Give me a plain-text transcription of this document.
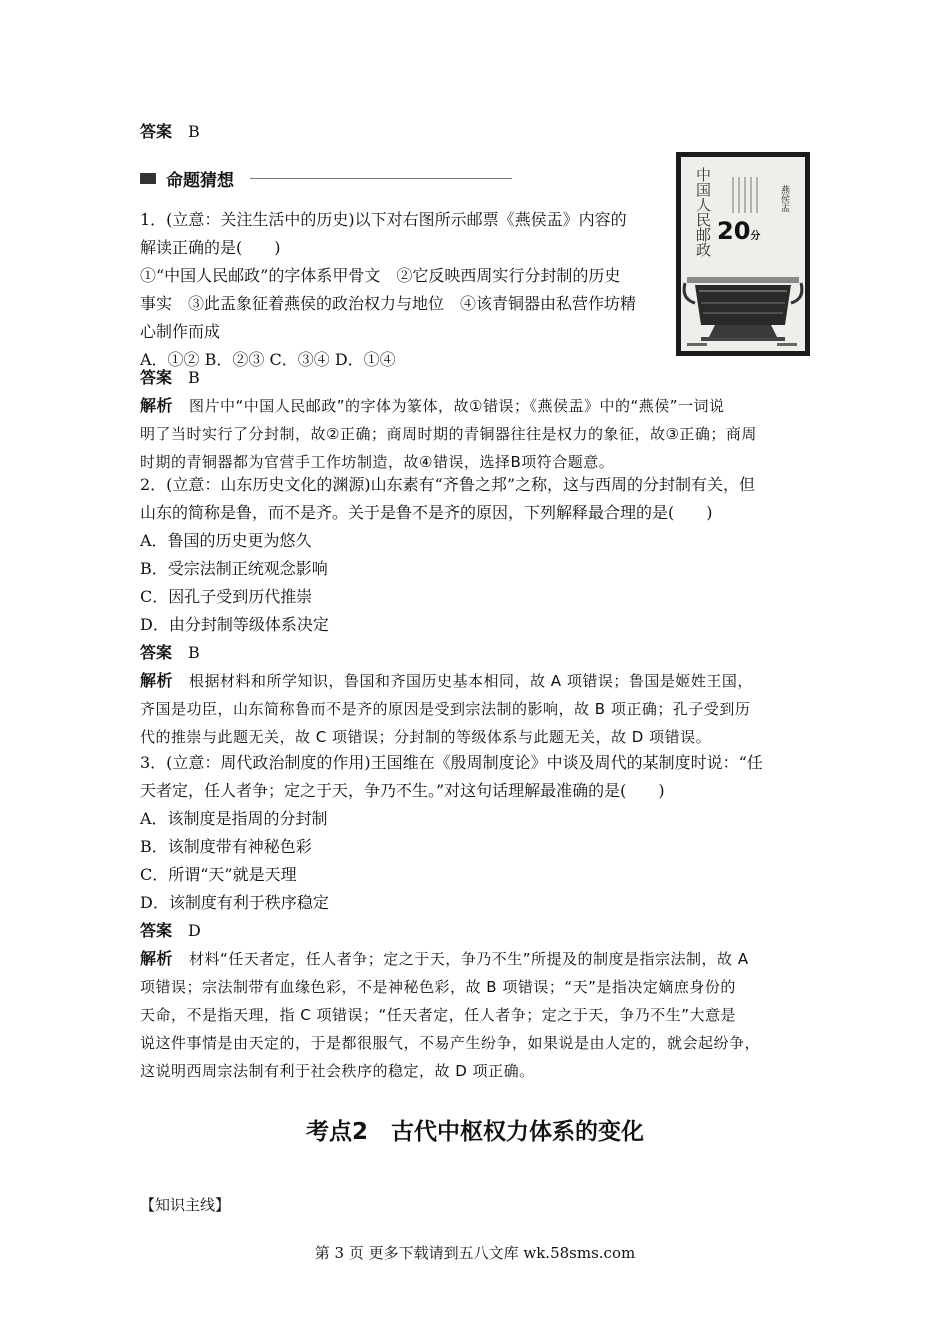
答案 B
命题猜想	中国人民邮政	燕侯盂
20分
1．(立意：关注生活中的历史)以下对右图所示邮票《燕侯盂》内容的
解读正确的是(　　)
①“中国人民邮政”的字体系甲骨文　②它反映西周实行分封制的历史
事实　③此盂象征着燕侯的政治权力与地位　④该青铜器由私营作坊精
心制作而成
A．①② B．②③ C．③④ D．①④
答案 B
解析 图片中“中国人民邮政”的字体为篆体，故①错误；《燕侯盂》中的“燕侯”一词说
明了当时实行了分封制，故②正确；商周时期的青铜器往往是权力的象征，故③正确；商周
时期的青铜器都为官营手工作坊制造，故④错误，选择B项符合题意。
2．(立意：山东历史文化的渊源)山东素有“齐鲁之邦”之称，这与西周的分封制有关，但
山东的简称是鲁，而不是齐。关于是鲁不是齐的原因，下列解释最合理的是(　　)
A．鲁国的历史更为悠久
B．受宗法制正统观念影响
C．因孔子受到历代推崇
D．由分封制等级体系决定
答案 B
解析 根据材料和所学知识，鲁国和齐国历史基本相同，故 A 项错误；鲁国是姬姓王国，
齐国是功臣，山东简称鲁而不是齐的原因是受到宗法制的影响，故 B 项正确；孔子受到历
代的推崇与此题无关，故 C 项错误；分封制的等级体系与此题无关，故 D 项错误。
3．(立意：周代政治制度的作用)王国维在《殷周制度论》中谈及周代的某制度时说：“任
天者定，任人者争；定之于天，争乃不生。”对这句话理解最准确的是(　　)
A．该制度是指周的分封制
B．该制度带有神秘色彩
C．所谓“天”就是天理
D．该制度有利于秩序稳定
答案 D
解析 材料“任天者定，任人者争；定之于天，争乃不生”所提及的制度是指宗法制，故 A
项错误；宗法制带有血缘色彩，不是神秘色彩，故 B 项错误；“天”是指决定嫡庶身份的
天命，不是指天理，指 C 项错误；“任天者定，任人者争；定之于天，争乃不生”大意是
说这件事情是由天定的，于是都很服气，不易产生纷争，如果说是由人定的，就会起纷争，
这说明西周宗法制有利于社会秩序的稳定，故 D 项正确。
考点2　古代中枢权力体系的变化
【知识主线】
第 3 页 更多下载请到五八文库 wk.58sms.com
